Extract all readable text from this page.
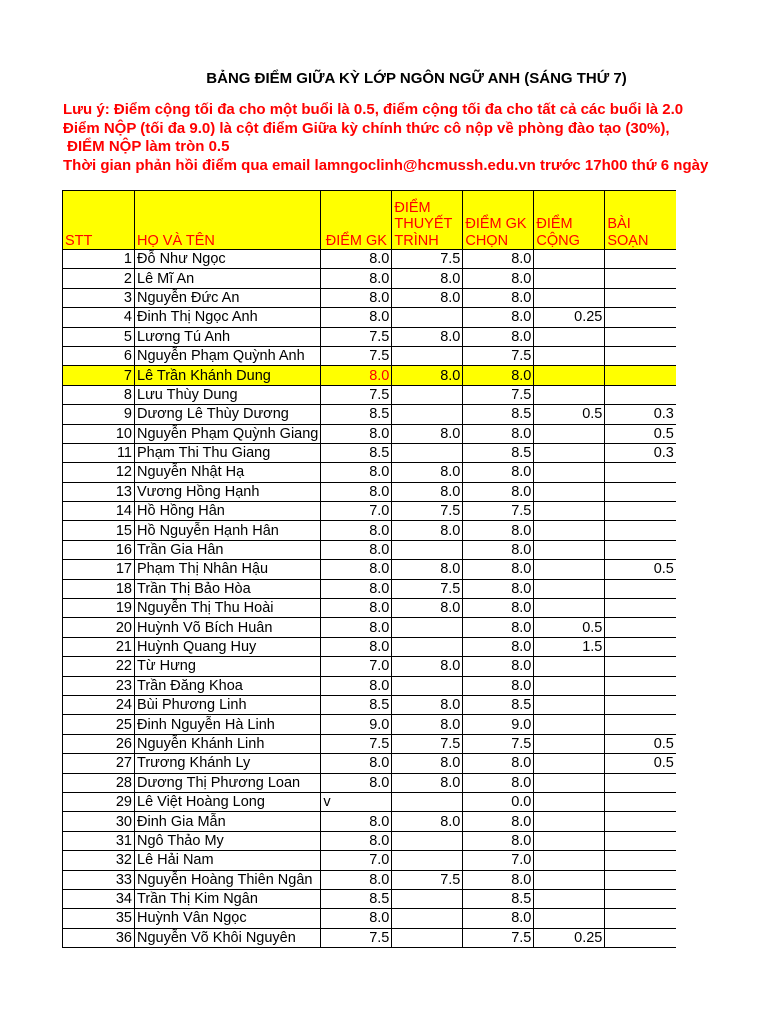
BẢNG ĐIỂM GIỮA KỲ LỚP NGÔN NGỮ ANH (SÁNG THỨ 7)
Lưu ý: Điểm cộng tối đa cho một buổi là 0.5, điểm cộng tối đa cho tất cả các buổi là 2.0
Điểm NỘP (tối đa 9.0) là cột điểm Giữa kỳ chính thức cô nộp về phòng đào tạo (30%),
ĐIỂM NỘP làm tròn 0.5
Thời gian phản hồi điểm qua email lamngoclinh@hcmussh.edu.vn trước 17h00 thứ 6 ngày
STT	HỌ VÀ TÊN	ĐIỂM GK	ĐIỂM THUYẾT TRÌNH	ĐIỂM GK CHỌN	ĐIỂM CỘNG	BÀI SOẠN
1	Đỗ Như Ngọc	8.0	7.5	8.0		
2	Lê Mĩ An	8.0	8.0	8.0		
3	Nguyễn Đức An	8.0	8.0	8.0		
4	Đinh Thị Ngọc Anh	8.0		8.0	0.25	
5	Lương Tú Anh	7.5	8.0	8.0		
6	Nguyễn Phạm Quỳnh Anh	7.5		7.5		
7	Lê Trần Khánh Dung	8.0	8.0	8.0		
8	Lưu Thùy Dung	7.5		7.5		
9	Dương Lê Thùy Dương	8.5		8.5	0.5	0.3
10	Nguyễn Phạm Quỳnh Giang	8.0	8.0	8.0		0.5
11	Phạm Thi Thu Giang	8.5		8.5		0.3
12	Nguyễn Nhật Hạ	8.0	8.0	8.0		
13	Vương Hồng Hạnh	8.0	8.0	8.0		
14	Hồ Hồng Hân	7.0	7.5	7.5		
15	Hồ Nguyễn Hạnh Hân	8.0	8.0	8.0		
16	Trần Gia Hân	8.0		8.0		
17	Phạm Thị Nhân Hậu	8.0	8.0	8.0		0.5
18	Trần Thị Bảo Hòa	8.0	7.5	8.0		
19	Nguyễn Thị Thu Hoài	8.0	8.0	8.0		
20	Huỳnh Võ Bích Huân	8.0		8.0	0.5	
21	Huỳnh Quang Huy	8.0		8.0	1.5	
22	Từ Hưng	7.0	8.0	8.0		
23	Trần Đăng Khoa	8.0		8.0		
24	Bùi Phương Linh	8.5	8.0	8.5		
25	Đinh Nguyễn Hà Linh	9.0	8.0	9.0		
26	Nguyễn Khánh Linh	7.5	7.5	7.5		0.5
27	Trương Khánh Ly	8.0	8.0	8.0		0.5
28	Dương Thị Phương Loan	8.0	8.0	8.0		
29	Lê Việt Hoàng Long	v		0.0		
30	Đinh Gia Mẫn	8.0	8.0	8.0		
31	Ngô Thảo My	8.0		8.0		
32	Lê Hải Nam	7.0		7.0		
33	Nguyễn Hoàng Thiên Ngân	8.0	7.5	8.0		
34	Trần Thị Kim Ngân	8.5		8.5		
35	Huỳnh Vân Ngọc	8.0		8.0		
36	Nguyễn Võ Khôi Nguyên	7.5		7.5	0.25	
